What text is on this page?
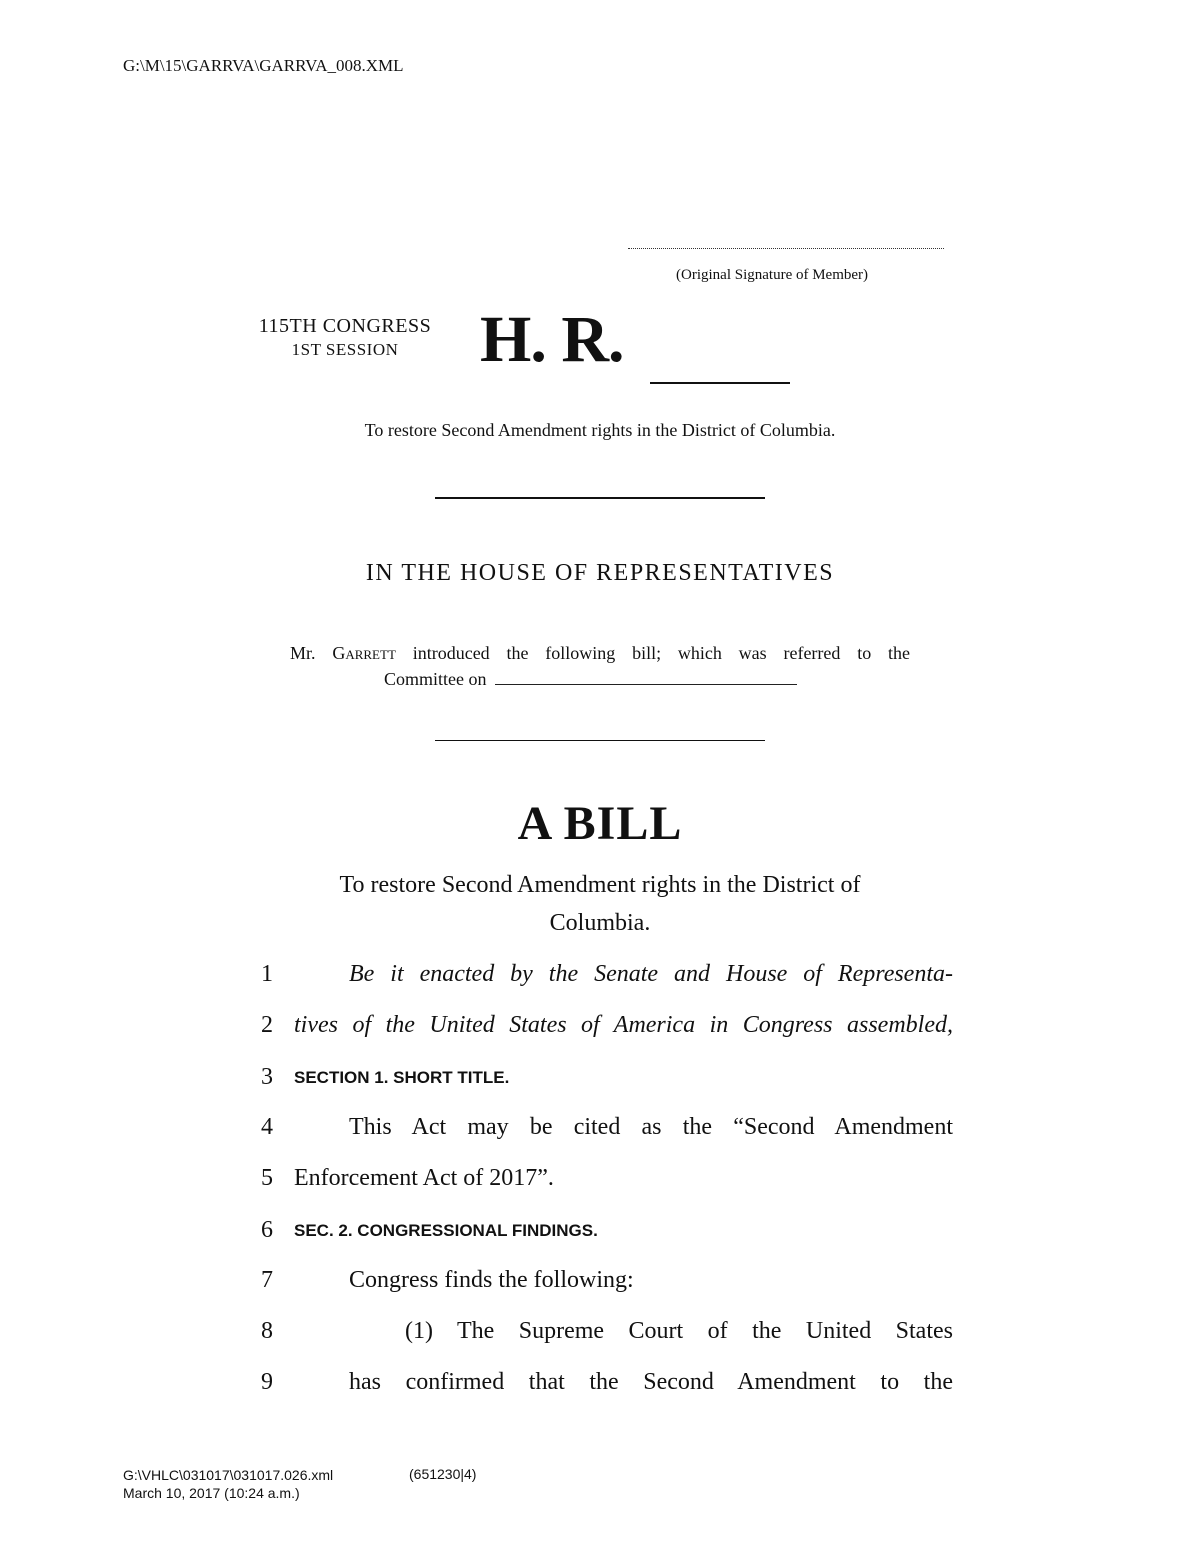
G:\M\15\GARRVA\GARRVA_008.XML
(Original Signature of Member)
115TH CONGRESS
1ST SESSION	H. R.
To restore Second Amendment rights in the District of Columbia.
IN THE HOUSE OF REPRESENTATIVES
Mr. Garrett introduced the following bill; which was referred to the
Committee on
A BILL
To restore Second Amendment rights in the District of
Columbia.
1	Be it enacted by the Senate and House of Representa-
2 tives of the United States of America in Congress assembled,
3	SECTION 1. SHORT TITLE.
4	This Act may be cited as the “Second Amendment
5 Enforcement Act of 2017”.
6	SEC. 2. CONGRESSIONAL FINDINGS.
7	Congress finds the following:
8	(1) The Supreme Court of the United States
9	has confirmed that the Second Amendment to the
G:\VHLC\031017\031017.026.xml
March 10, 2017 (10:24 a.m.)
(651230|4)
